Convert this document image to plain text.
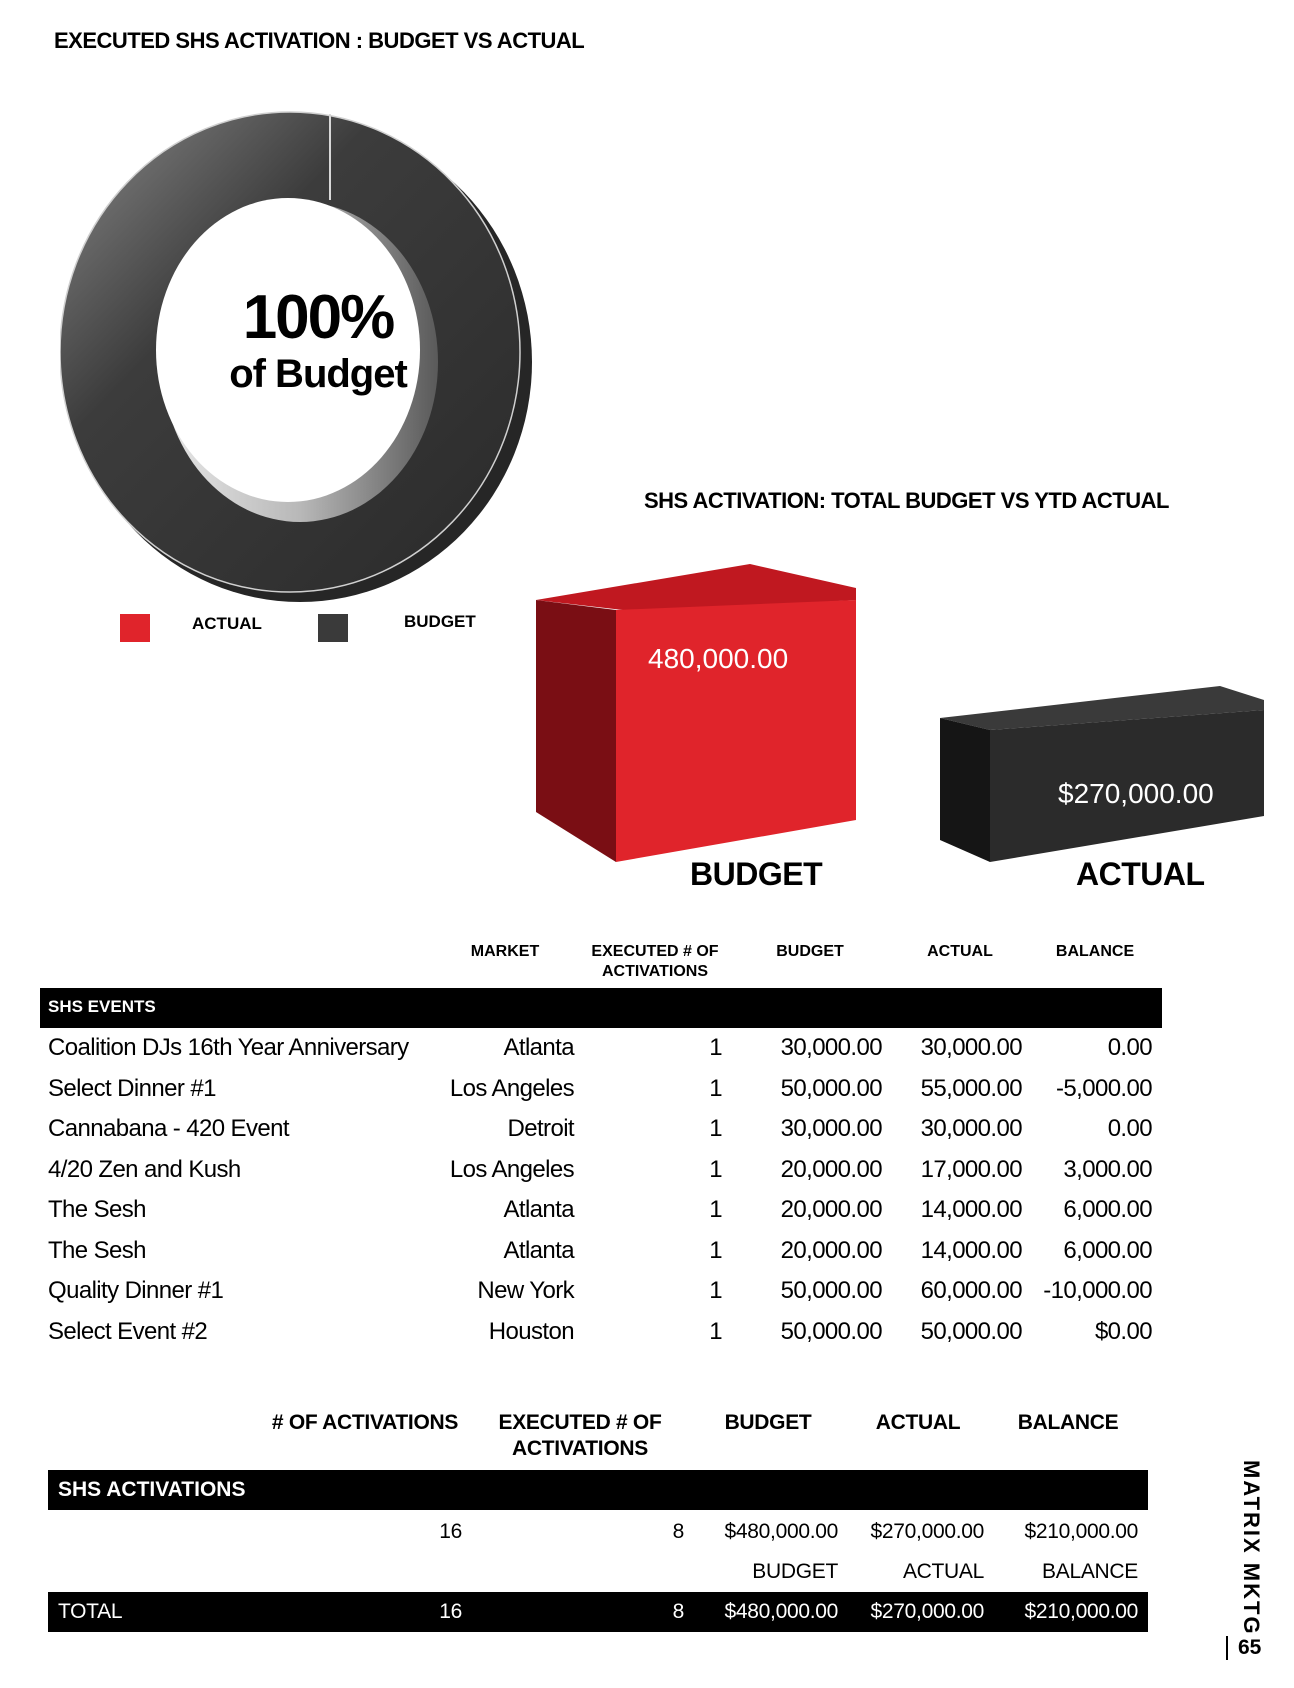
EXECUTED SHS ACTIVATION : BUDGET VS ACTUAL
100%
of Budget
ACTUAL	BUDGET
SHS ACTIVATION: TOTAL BUDGET VS YTD ACTUAL
480,000.00
$270,000.00
BUDGET	ACTUAL
MARKET	EXECUTED # OF
ACTIVATIONS
BUDGET	ACTUAL	BALANCE
SHS EVENTS
Coalition DJs 16th Year Anniversary	Atlanta	1	30,000.00	30,000.00	0.00
Select Dinner #1	Los Angeles	1	50,000.00	55,000.00	-5,000.00
Cannabana - 420 Event	Detroit	1	30,000.00	30,000.00	0.00
4/20 Zen and Kush	Los Angeles	1	20,000.00	17,000.00	3,000.00
The Sesh	Atlanta	1	20,000.00	14,000.00	6,000.00
The Sesh	Atlanta	1	20,000.00	14,000.00	6,000.00
Quality Dinner #1	New York	1	50,000.00	60,000.00 -10,000.00
Select Event #2	Houston	1	50,000.00	50,000.00	$0.00
# OF ACTIVATIONS	EXECUTED # OF
ACTIVATIONS
BUDGET	ACTUAL	BALANCE
SHS ACTIVATIONS
16	8	$480,000.00	$270,000.00	$210,000.00
BUDGET	ACTUAL	BALANCE
TOTAL	16	8	$480,000.00	$270,000.00	$210,000.00	MATRIX MKTG
65
